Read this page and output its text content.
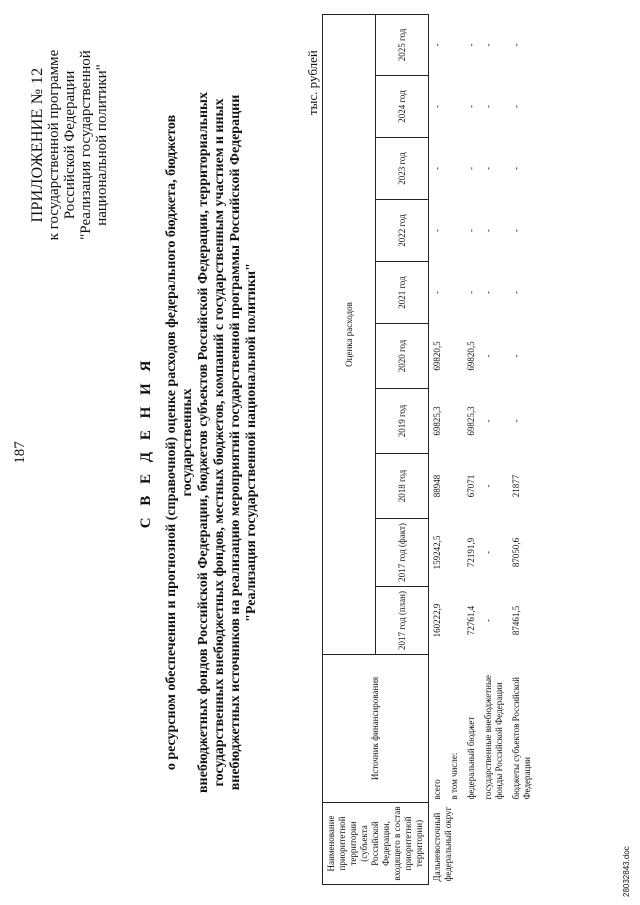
187
ПРИЛОЖЕНИЕ № 12 к государственной программе Российской Федерации "Реализация государственной национальной политики"
С В Е Д Е Н И Я о ресурсном обеспечении и прогнозной (справочной) оценке расходов федерального бюджета, бюджетов государственных внебюджетных фондов Российской Федерации, бюджетов субъектов Российской Федерации, территориальных государственных внебюджетных фондов, местных бюджетов, компаний с государственным участием и иных внебюджетных источников на реализацию мероприятий государственной программы Российской Федерации "Реализация государственной национальной политики"
тыс. рублей
Наименование приоритетной территории (субъекта Российской Федерации, входящего в состав приоритетной территории)	Источник финансирования	Оценка расходов									
		2017 год (план)	2017 год (факт)	2018 год	2019 год	2020 год	2021 год	2022 год	2023 год	2024 год	2025 год
Дальневосточный федеральный округ	всего	160222,9	159242,5	88948	69825,3	69820,5	-	-	-	-	-
	в том числе:										
	федеральный бюджет	72761,4	72191,9	67071	69825,3	69820,5	-	-	-	-	-
	государственные внебюджетные фонды Российской Федерации	-	-	-	-	-	-	-	-	-	-
	бюджеты субъектов Российской Федерации	87461,5	87050,6	21877	-	-	-	-	-	-	-
28032843.doc
